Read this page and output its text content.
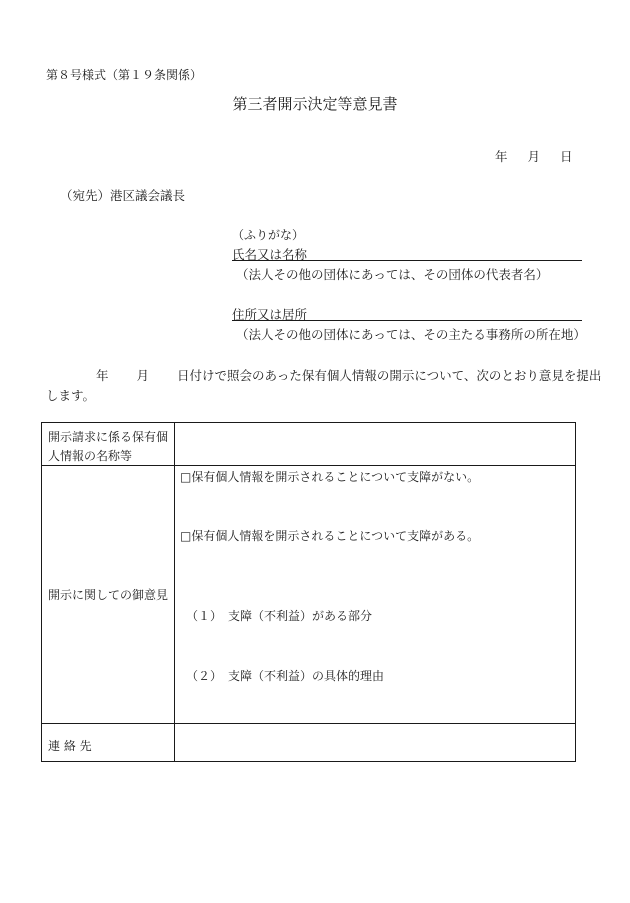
第８号様式（第１９条関係）
第三者開示決定等意見書
年 月 日
（宛先）港区議会議長
（ふりがな）
氏名又は名称
（法人その他の団体にあっては、その団体の代表者名）
住所又は居所
（法人その他の団体にあっては、その主たる事務所の所在地）
年 月 日付けで照会のあった保有個人情報の開示について、次のとおり意見を提出
します。
開示請求に係る保有個
人情報の名称等
開示に関しての御意見
□保有個人情報を開示されることについて支障がない。
□保有個人情報を開示されることについて支障がある。
（１）　支障（不利益）がある部分
（２）　支障（不利益）の具体的理由
連 絡 先
